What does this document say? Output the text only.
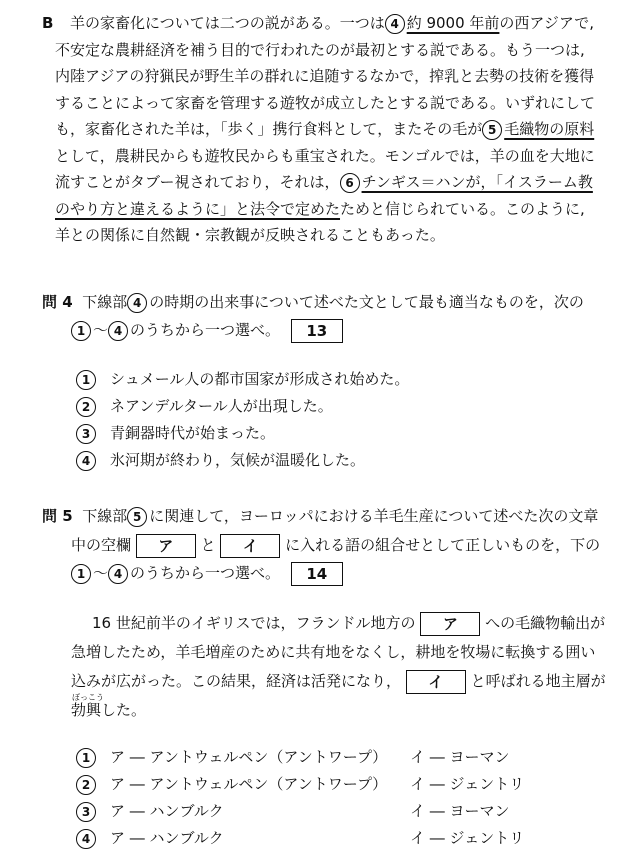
B 羊の家畜化については二つの説がある。一つは 4 約 9000 年前の西アジアで,
不安定な農耕経済を補う目的で行われたのが最初とする説である。もう一つは,
内陸アジアの狩猟民が野生羊の群れに追随するなかで，搾乳と去勢の技術を獲得
することによって家畜を管理する遊牧が成立したとする説である。いずれにして
も，家畜化された羊は，「歩く」携行食料として，またその毛が 5 毛織物の原料
として，農耕民からも遊牧民からも重宝された。モンゴルでは，羊の血を大地に
流すことがタブー視されており，それは， 6 チンギス＝ハンが，「イスラーム教
のやり方と違えるように」と法令で定めたためと信じられている。このように,
羊との関係に自然観・宗教観が反映されることもあった。
問 4 下線部 4 の時期の出来事について述べた文として最も適当なものを，次の
1 〜 4 のうちから一つ選べ。 13
1 シュメール人の都市国家が形成され始めた。
2 ネアンデルタール人が出現した。
3 青銅器時代が始まった。
4 氷河期が終わり，気候が温暖化した。
問 5 下線部 5 に関連して，ヨーロッパにおける羊毛生産について述べた次の文章
中の空欄 ア と イ に入れる語の組合せとして正しいものを，下の
1 〜 4 のうちから一つ選べ。 14
16 世紀前半のイギリスでは，フランドル地方の ア への毛織物輸出が
急増したため，羊毛増産のために共有地をなくし，耕地を牧場に転換する囲い
込みが広がった。この結果，経済は活発になり， イ と呼ばれる地主層が
ぼっこう
勃興した。
1 ア ― アントウェルペン（アントワープ） イ ― ヨーマン
2 ア ― アントウェルペン（アントワープ） イ ― ジェントリ
3 ア ― ハンブルク	イ ― ヨーマン
4 ア ― ハンブルク	イ ― ジェントリ
